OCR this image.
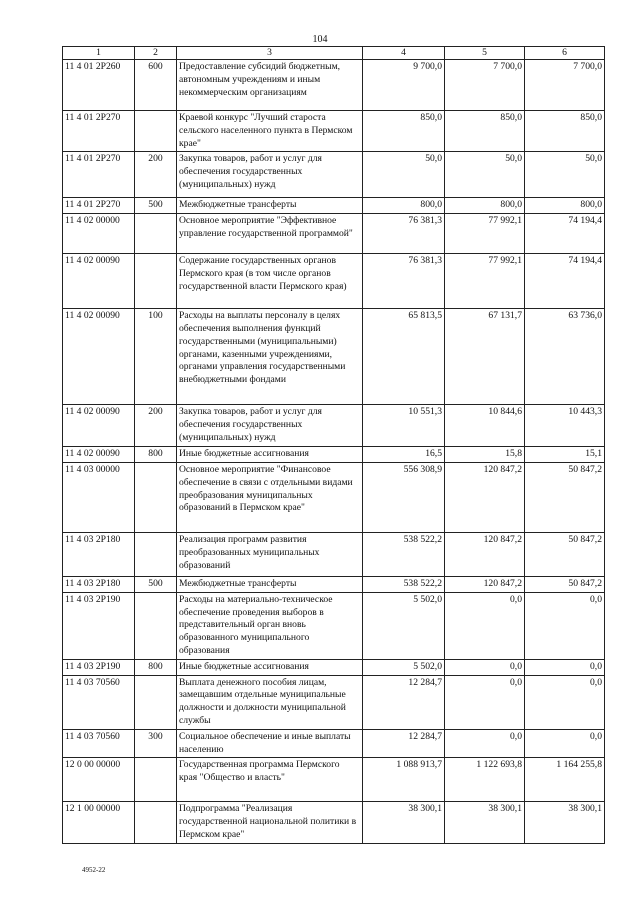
104
1	2	3	4	5	6
11 4 01 2P260	600	Предоставление субсидий бюджетным, автономным учреждениям и иным некоммерческим организациям	9 700,0	7 700,0	7 700,0
11 4 01 2P270		Краевой конкурс "Лучший староста сельского населенного пункта в Пермском крае"	850,0	850,0	850,0
11 4 01 2P270	200	Закупка товаров, работ и услуг для обеспечения государственных (муниципальных) нужд	50,0	50,0	50,0
11 4 01 2P270	500	Межбюджетные трансферты	800,0	800,0	800,0
11 4 02 00000		Основное мероприятие "Эффективное управление государственной программой"	76 381,3	77 992,1	74 194,4
11 4 02 00090		Содержание государственных органов Пермского края (в том числе органов государственной власти Пермского края)	76 381,3	77 992,1	74 194,4
11 4 02 00090	100	Расходы на выплаты персоналу в целях обеспечения выполнения функций государственными (муниципальными) органами, казенными учреждениями, органами управления государственными внебюджетными фондами	65 813,5	67 131,7	63 736,0
11 4 02 00090	200	Закупка товаров, работ и услуг для обеспечения государственных (муниципальных) нужд	10 551,3	10 844,6	10 443,3
11 4 02 00090	800	Иные бюджетные ассигнования	16,5	15,8	15,1
11 4 03 00000		Основное мероприятие "Финансовое обеспечение в связи с отдельными видами преобразования муниципальных образований в Пермском крае"	556 308,9	120 847,2	50 847,2
11 4 03 2P180		Реализация программ развития преобразованных муниципальных образований	538 522,2	120 847,2	50 847,2
11 4 03 2P180	500	Межбюджетные трансферты	538 522,2	120 847,2	50 847,2
11 4 03 2P190		Расходы на материально-техническое обеспечение проведения выборов в представительный орган вновь образованного муниципального образования	5 502,0	0,0	0,0
11 4 03 2P190	800	Иные бюджетные ассигнования	5 502,0	0,0	0,0
11 4 03 70560		Выплата денежного пособия лицам, замещавшим отдельные муниципальные должности и должности муниципальной службы	12 284,7	0,0	0,0
11 4 03 70560	300	Социальное обеспечение и иные выплаты населению	12 284,7	0,0	0,0
12 0 00 00000		Государственная программа Пермского края "Общество и власть"	1 088 913,7	1 122 693,8	1 164 255,8
12 1 00 00000		Подпрограмма "Реализация государственной национальной политики в Пермском крае"	38 300,1	38 300,1	38 300,1
4952-22
